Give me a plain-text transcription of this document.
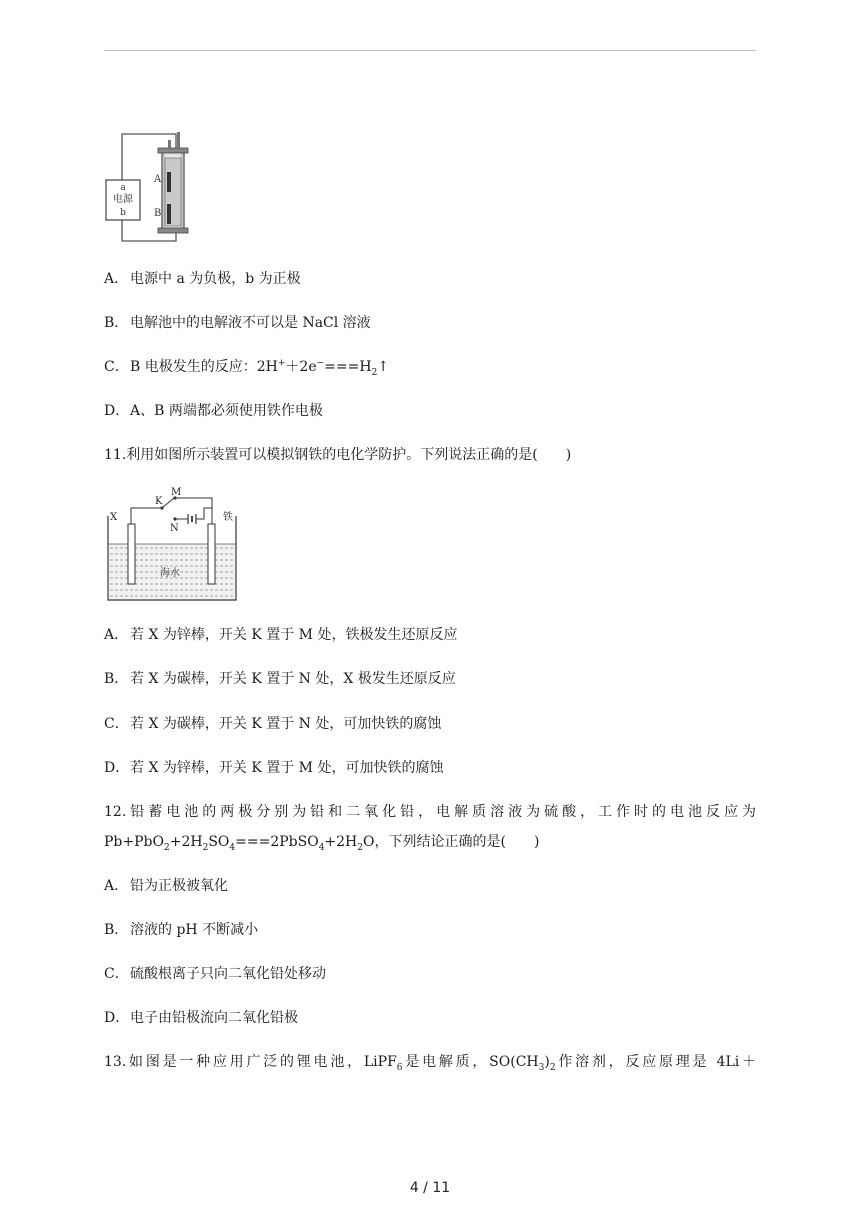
a
电源
b
A
B
A． 电源中 a 为负极，b 为正极
B． 电解池中的电解液不可以是 NaCl 溶液
C．B 电极发生的反应：$2H^++2e^-===H_2↑$
D．A、B 两端都必须使用铁作电极
11.利用如图所示装置可以模拟钢铁的电化学防护。下列说法正确的是(　　)
X
K
M
N
铁
海水
A． 若 X 为锌棒，开关 K 置于 M 处，铁极发生还原反应
B． 若 X 为碳棒，开关 K 置于 N 处，X 极发生还原反应
C．若 X 为碳棒，开关 K 置于 N 处，可加快铁的腐蚀
D．若 X 为锌棒，开关 K 置于 M 处，可加快铁的腐蚀
12.铅蓄电池的两极分别为铅和二氧化铅，电解质溶液为硫酸，工作时的电池反应为
$Pb+PbO_2+2H_2SO_4===2PbSO_4+2H_2O$，下列结论正确的是(　　)
A． 铅为正极被氧化
B． 溶液的 pH 不断减小
C．硫酸根离子只向二氧化铅处移动
D．电子由铅极流向二氧化铅极
13.如图是一种应用广泛的锂电池，LiPF$_6$是电解质，$SO(CH_3)_2$作溶剂，反应原理是 4Li＋
4 / 11
